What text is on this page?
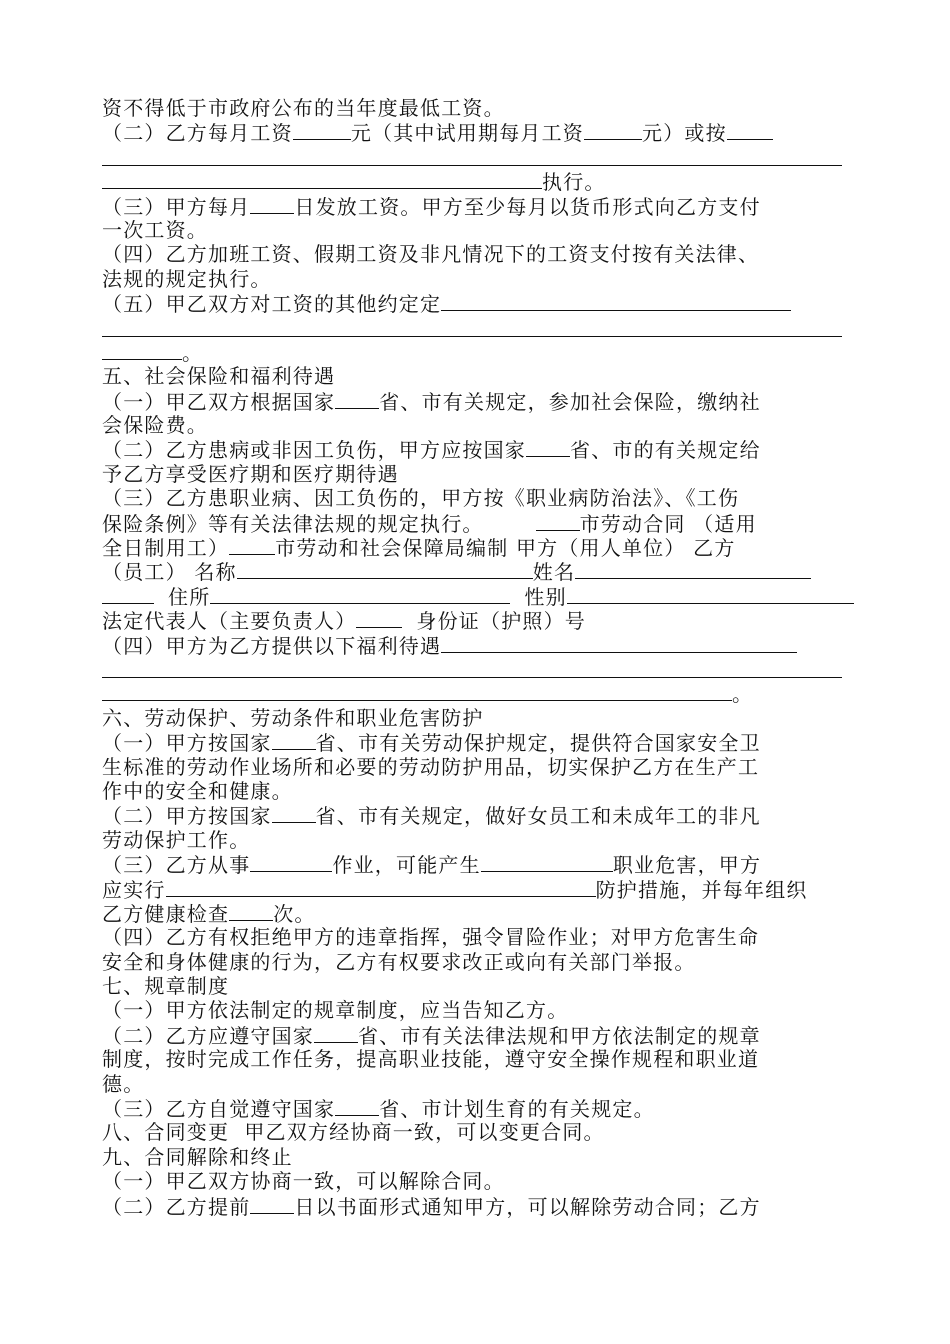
资不得低于市政府公布的当年度最低工资。
（二）乙方每月工资	元（其中试用期每月工资	元）或按
执行。
（三）甲方每月 日发放工资。甲方至少每月以货币形式向乙方支付
一次工资。
（四）乙方加班工资、假期工资及非凡情况下的工资支付按有关法律、
法规的规定执行。
（五）甲乙双方对工资的其他约定定
。
五、社会保险和福利待遇
（一）甲乙双方根据国家 省、市有关规定，参加社会保险，缴纳社
会保险费。
（二）乙方患病或非因工负伤，甲方应按国家 省、市的有关规定给
予乙方享受医疗期和医疗期待遇
（三）乙方患职业病、因工负伤的，甲方按《职业病防治法》、《工伤
保险条例》等有关法律法规的规定执行。	市劳动合同 （适用
全日制用工） 市劳动和社会保障局编制 甲方（用人单位） 乙方
（员工） 名称	姓名
住所	性别
法定代表人（主要负责人）	身份证（护照）号
（四）甲方为乙方提供以下福利待遇
。
六、劳动保护、劳动条件和职业危害防护
（一）甲方按国家 省、市有关劳动保护规定，提供符合国家安全卫
生标准的劳动作业场所和必要的劳动防护用品，切实保护乙方在生产工
作中的安全和健康。
（二）甲方按国家 省、市有关规定，做好女员工和未成年工的非凡
劳动保护工作。
（三）乙方从事	作业，可能产生	职业危害，甲方
应实行	防护措施，并每年组织
乙方健康检查 次。
（四）乙方有权拒绝甲方的违章指挥，强令冒险作业；对甲方危害生命
安全和身体健康的行为，乙方有权要求改正或向有关部门举报。
七、规章制度
（一）甲方依法制定的规章制度，应当告知乙方。
（二）乙方应遵守国家 省、市有关法律法规和甲方依法制定的规章
制度，按时完成工作任务，提高职业技能，遵守安全操作规程和职业道
德。
（三）乙方自觉遵守国家 省、市计划生育的有关规定。
八、合同变更  甲乙双方经协商一致，可以变更合同。
九、合同解除和终止
（一）甲乙双方协商一致，可以解除合同。
（二）乙方提前 日以书面形式通知甲方，可以解除劳动合同；乙方
